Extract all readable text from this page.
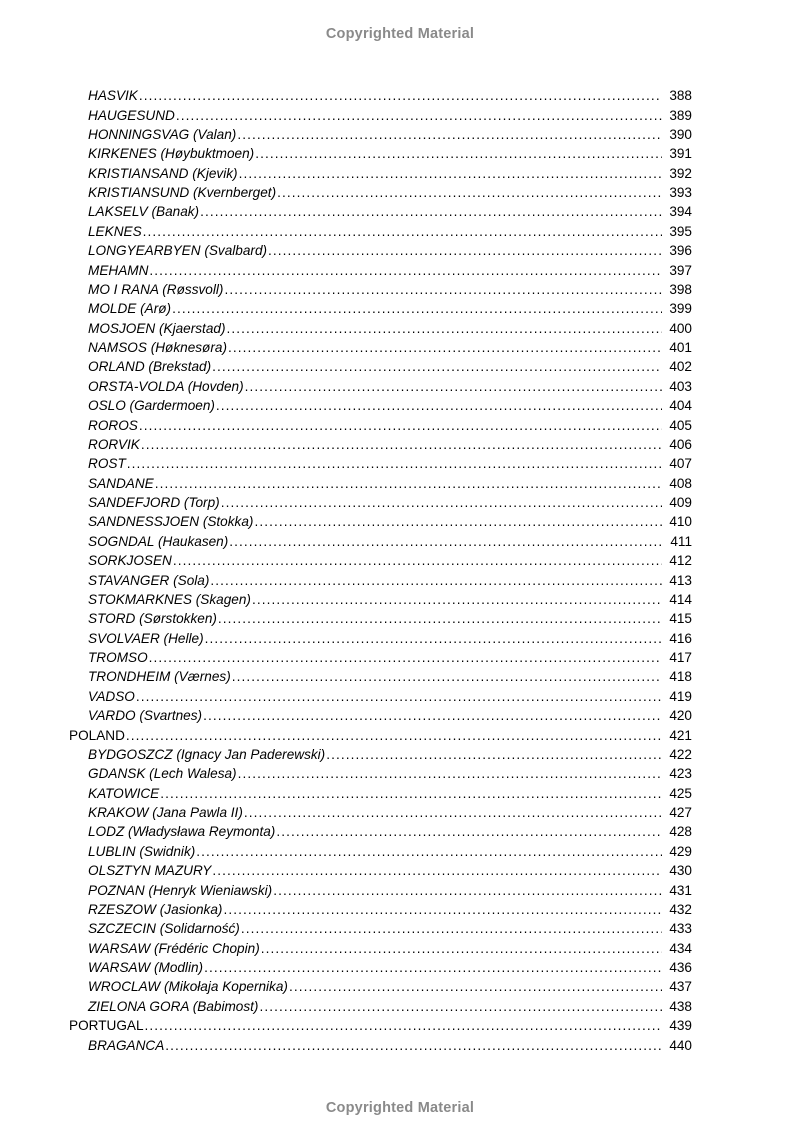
Copyrighted Material
HASVIK .....	388
HAUGESUND .....	389
HONNINGSVAG (Valan) .....	390
KIRKENES (Høybuktmoen) .....	391
KRISTIANSAND (Kjevik) .....	392
KRISTIANSUND (Kvernberget) .....	393
LAKSELV (Banak) .....	394
LEKNES .....	395
LONGYEARBYEN (Svalbard) .....	396
MEHAMN .....	397
MO I RANA (Røssvoll) .....	398
MOLDE (Arø) .....	399
MOSJOEN (Kjaerstad) .....	400
NAMSOS (Høknesøra) .....	401
ORLAND (Brekstad) .....	402
ORSTA-VOLDA (Hovden) .....	403
OSLO (Gardermoen) .....	404
ROROS .....	405
RORVIK .....	406
ROST .....	407
SANDANE .....	408
SANDEFJORD (Torp) .....	409
SANDNESSJOEN (Stokka) .....	410
SOGNDAL (Haukasen) .....	411
SORKJOSEN .....	412
STAVANGER (Sola) .....	413
STOKMARKNES (Skagen) .....	414
STORD (Sørstokken) .....	415
SVOLVAER (Helle) .....	416
TROMSO .....	417
TRONDHEIM (Værnes) .....	418
VADSO .....	419
VARDO (Svartnes) .....	420
POLAND .....	421
BYDGOSZCZ (Ignacy Jan Paderewski) .....	422
GDANSK (Lech Walesa) .....	423
KATOWICE .....	425
KRAKOW (Jana Pawla II) .....	427
LODZ (Władysława Reymonta) .....	428
LUBLIN (Swidnik) .....	429
OLSZTYN MAZURY .....	430
POZNAN (Henryk Wieniawski) .....	431
RZESZOW (Jasionka) .....	432
SZCZECIN (Solidarność) .....	433
WARSAW (Frédéric Chopin) .....	434
WARSAW (Modlin) .....	436
WROCLAW (Mikołaja Kopernika) .....	437
ZIELONA GORA (Babimost) .....	438
PORTUGAL .....	439
BRAGANCA .....	440
Copyrighted Material
